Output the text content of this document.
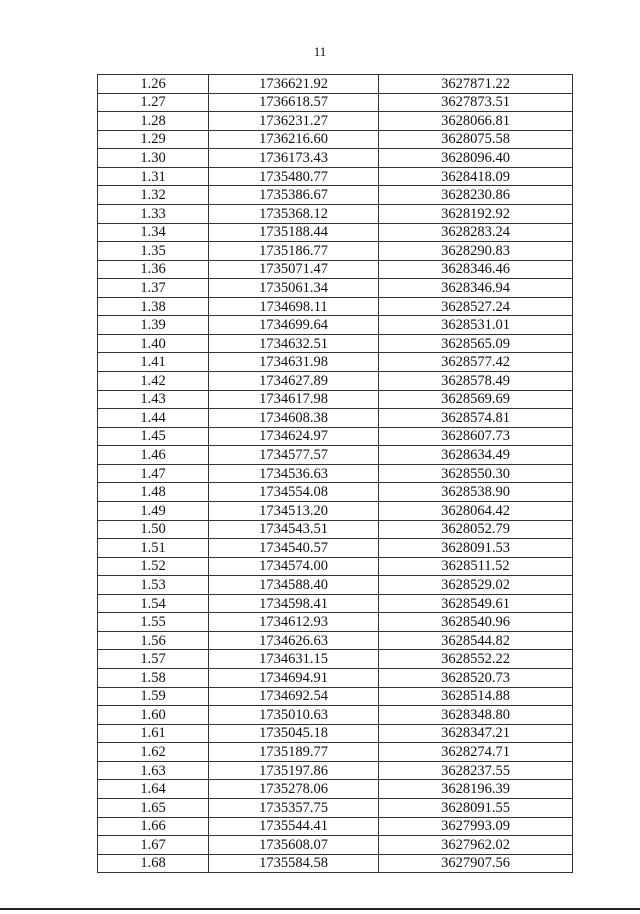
11
1.26	1736621.92	3627871.22
1.27	1736618.57	3627873.51
1.28	1736231.27	3628066.81
1.29	1736216.60	3628075.58
1.30	1736173.43	3628096.40
1.31	1735480.77	3628418.09
1.32	1735386.67	3628230.86
1.33	1735368.12	3628192.92
1.34	1735188.44	3628283.24
1.35	1735186.77	3628290.83
1.36	1735071.47	3628346.46
1.37	1735061.34	3628346.94
1.38	1734698.11	3628527.24
1.39	1734699.64	3628531.01
1.40	1734632.51	3628565.09
1.41	1734631.98	3628577.42
1.42	1734627.89	3628578.49
1.43	1734617.98	3628569.69
1.44	1734608.38	3628574.81
1.45	1734624.97	3628607.73
1.46	1734577.57	3628634.49
1.47	1734536.63	3628550.30
1.48	1734554.08	3628538.90
1.49	1734513.20	3628064.42
1.50	1734543.51	3628052.79
1.51	1734540.57	3628091.53
1.52	1734574.00	3628511.52
1.53	1734588.40	3628529.02
1.54	1734598.41	3628549.61
1.55	1734612.93	3628540.96
1.56	1734626.63	3628544.82
1.57	1734631.15	3628552.22
1.58	1734694.91	3628520.73
1.59	1734692.54	3628514.88
1.60	1735010.63	3628348.80
1.61	1735045.18	3628347.21
1.62	1735189.77	3628274.71
1.63	1735197.86	3628237.55
1.64	1735278.06	3628196.39
1.65	1735357.75	3628091.55
1.66	1735544.41	3627993.09
1.67	1735608.07	3627962.02
1.68	1735584.58	3627907.56
